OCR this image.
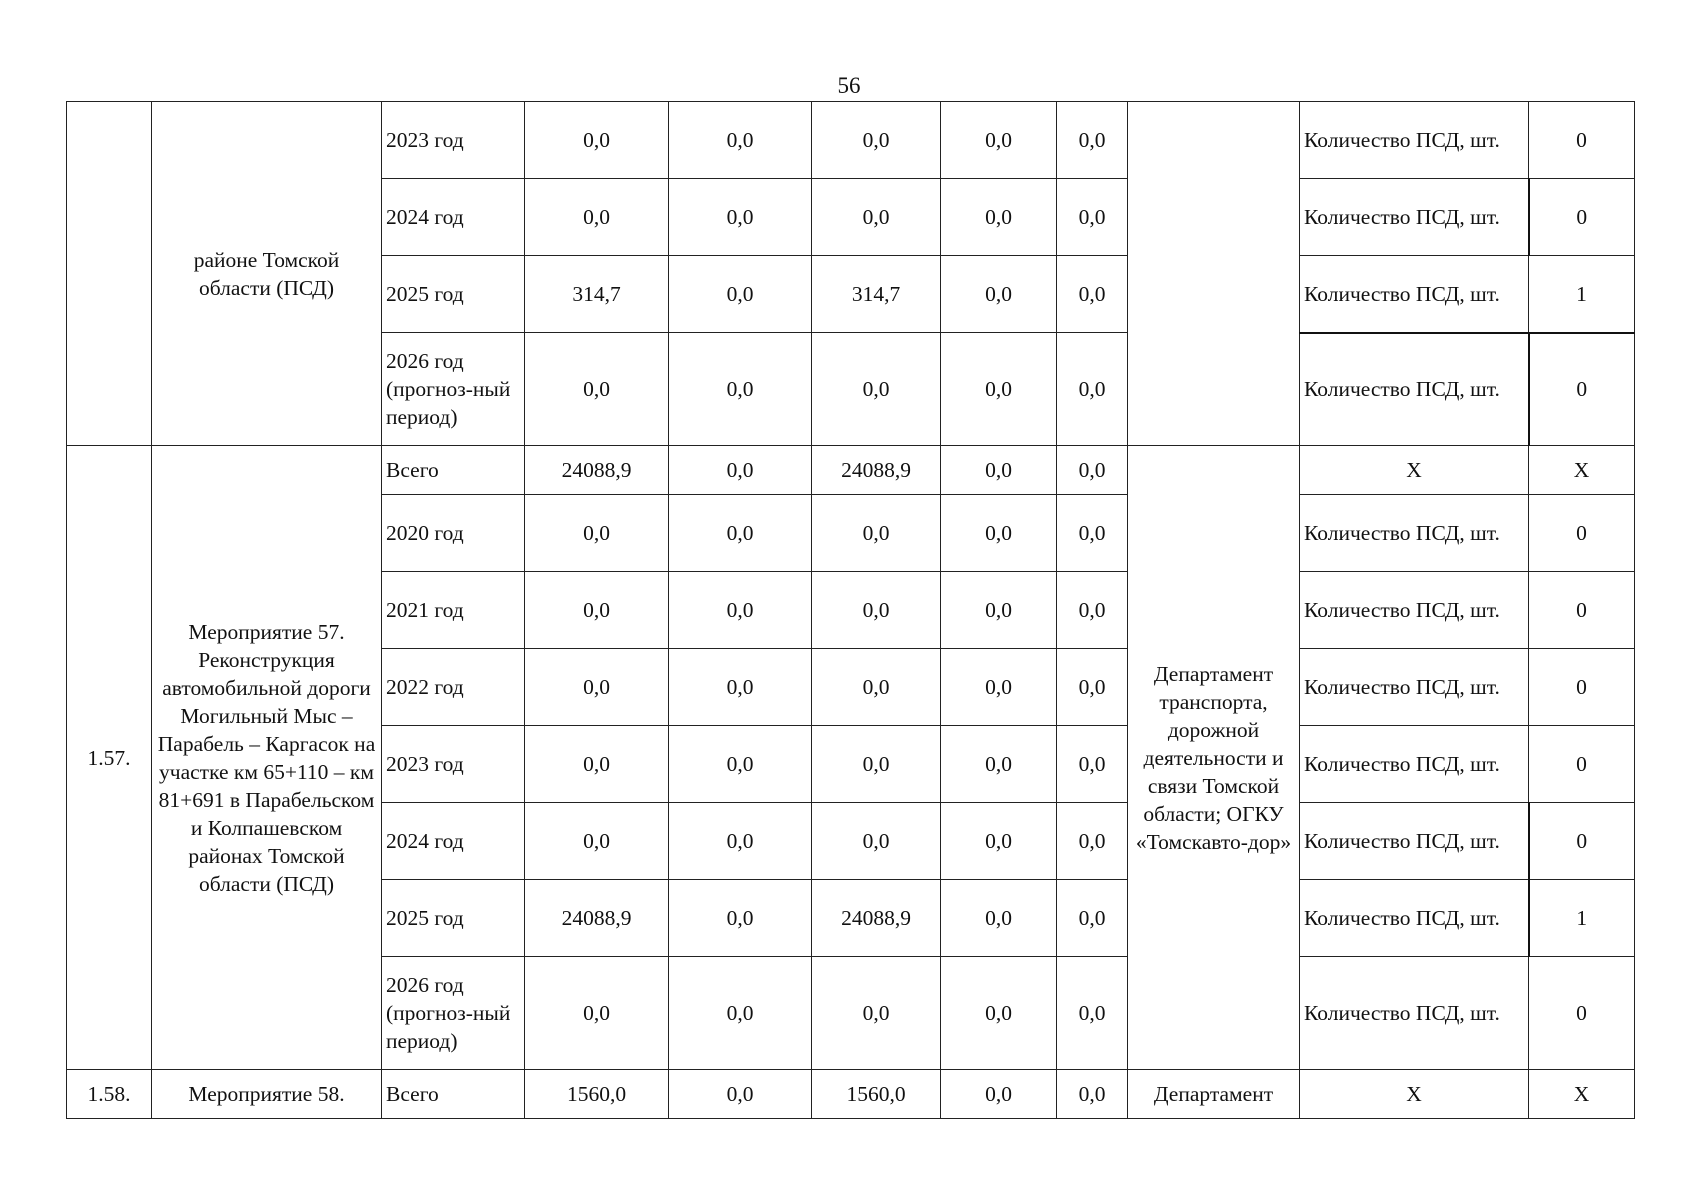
56
	районе Томской области (ПСД)	2023 год	0,0	0,0	0,0	0,0	0,0		Количество ПСД, шт.	0
		2024 год	0,0	0,0	0,0	0,0	0,0		Количество ПСД, шт.	0
		2025 год	314,7	0,0	314,7	0,0	0,0		Количество ПСД, шт.	1
		2026 год (прогноз-ный период)	0,0	0,0	0,0	0,0	0,0		Количество ПСД, шт.	0
1.57.	Мероприятие 57. Реконструкция автомобильной дороги Могильный Мыс – Парабель – Каргасок на участке км 65+110 – км 81+691 в Парабельском и Колпашевском районах Томской области (ПСД)	Всего	24088,9	0,0	24088,9	0,0	0,0	Департамент транспорта, дорожной деятельности и связи Томской области; ОГКУ «Томскавто-дор»	Х	Х
		2020 год	0,0	0,0	0,0	0,0	0,0		Количество ПСД, шт.	0
		2021 год	0,0	0,0	0,0	0,0	0,0		Количество ПСД, шт.	0
		2022 год	0,0	0,0	0,0	0,0	0,0		Количество ПСД, шт.	0
		2023 год	0,0	0,0	0,0	0,0	0,0		Количество ПСД, шт.	0
		2024 год	0,0	0,0	0,0	0,0	0,0		Количество ПСД, шт.	0
		2025 год	24088,9	0,0	24088,9	0,0	0,0		Количество ПСД, шт.	1
		2026 год (прогноз-ный период)	0,0	0,0	0,0	0,0	0,0		Количество ПСД, шт.	0
1.58.	Мероприятие 58.	Всего	1560,0	0,0	1560,0	0,0	0,0	Департамент	Х	Х
